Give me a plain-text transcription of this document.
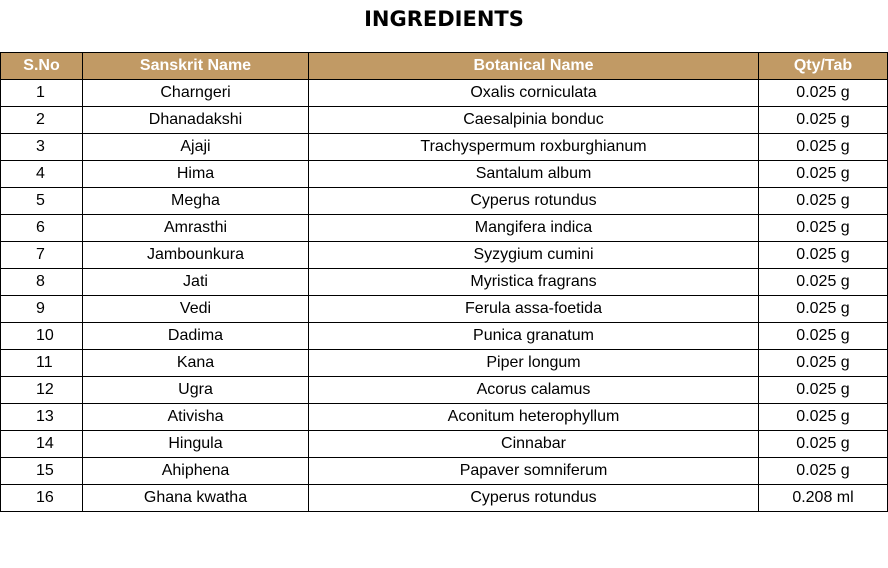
INGREDIENTS
S.No	Sanskrit Name	Botanical Name	Qty/Tab
1	Charngeri	Oxalis corniculata	0.025 g
2	Dhanadakshi	Caesalpinia bonduc	0.025 g
3	Ajaji	Trachyspermum roxburghianum	0.025 g
4	Hima	Santalum album	0.025 g
5	Megha	Cyperus rotundus	0.025 g
6	Amrasthi	Mangifera indica	0.025 g
7	Jambounkura	Syzygium cumini	0.025 g
8	Jati	Myristica fragrans	0.025 g
9	Vedi	Ferula assa-foetida	0.025 g
10	Dadima	Punica granatum	0.025 g
11	Kana	Piper longum	0.025 g
12	Ugra	Acorus calamus	0.025 g
13	Ativisha	Aconitum heterophyllum	0.025 g
14	Hingula	Cinnabar	0.025 g
15	Ahiphena	Papaver somniferum	0.025 g
16	Ghana kwatha	Cyperus rotundus	0.208 ml
